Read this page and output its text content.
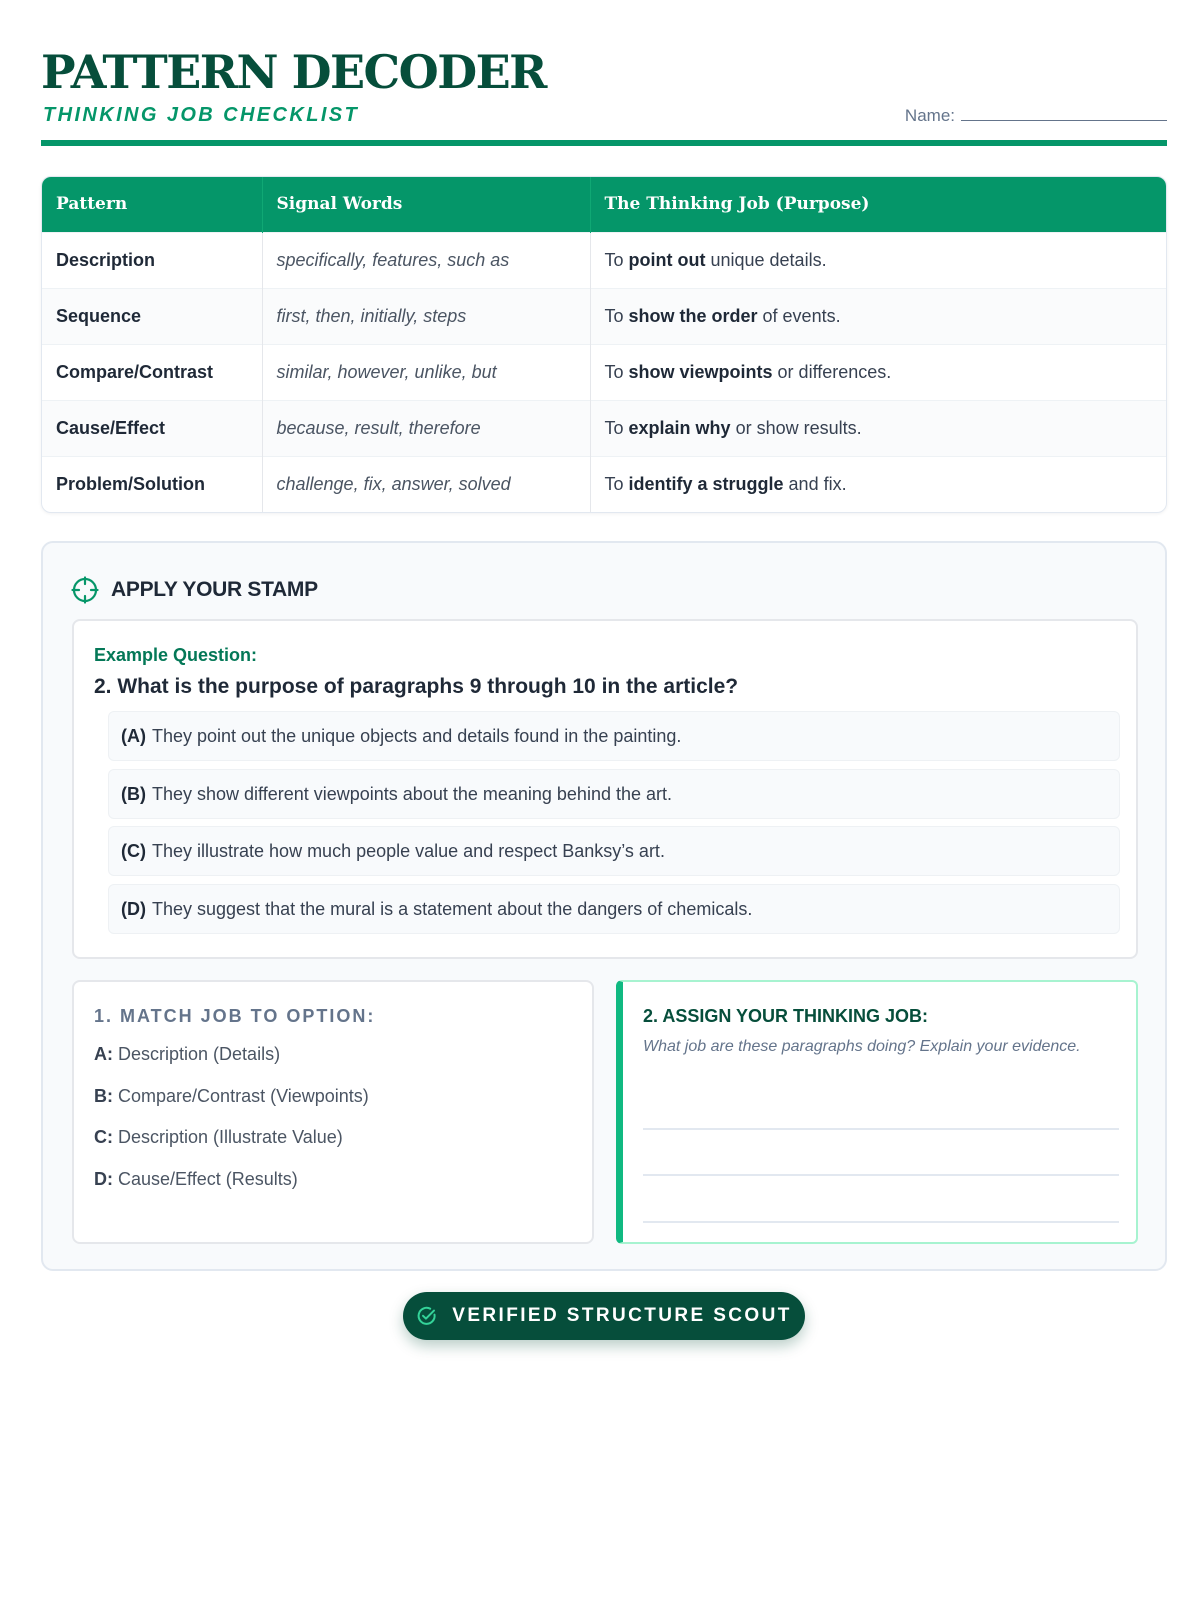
PATTERN DECODER
THINKING JOB CHECKLIST	Name:
Pattern	Signal Words	The Thinking Job (Purpose)
Description	specifically, features, such as	To point out unique details.
Sequence	first, then, initially, steps	To show the order of events.
Compare/Contrast	similar, however, unlike, but	To show viewpoints or differences.
Cause/Effect	because, result, therefore	To explain why or show results.
Problem/Solution	challenge, fix, answer, solved	To identify a struggle and fix.
APPLY YOUR STAMP
Example Question:
2. What is the purpose of paragraphs 9 through 10 in the article?
(A) They point out the unique objects and details found in the painting.
(B) They show different viewpoints about the meaning behind the art.
(C) They illustrate how much people value and respect Banksy’s art.
(D) They suggest that the mural is a statement about the dangers of chemicals.
1. MATCH JOB TO OPTION:
A: Description (Details)
B: Compare/Contrast (Viewpoints)
C: Description (Illustrate Value)
D: Cause/Effect (Results)
2. ASSIGN YOUR THINKING JOB:
What job are these paragraphs doing? Explain your evidence.
VERIFIED STRUCTURE SCOUT
